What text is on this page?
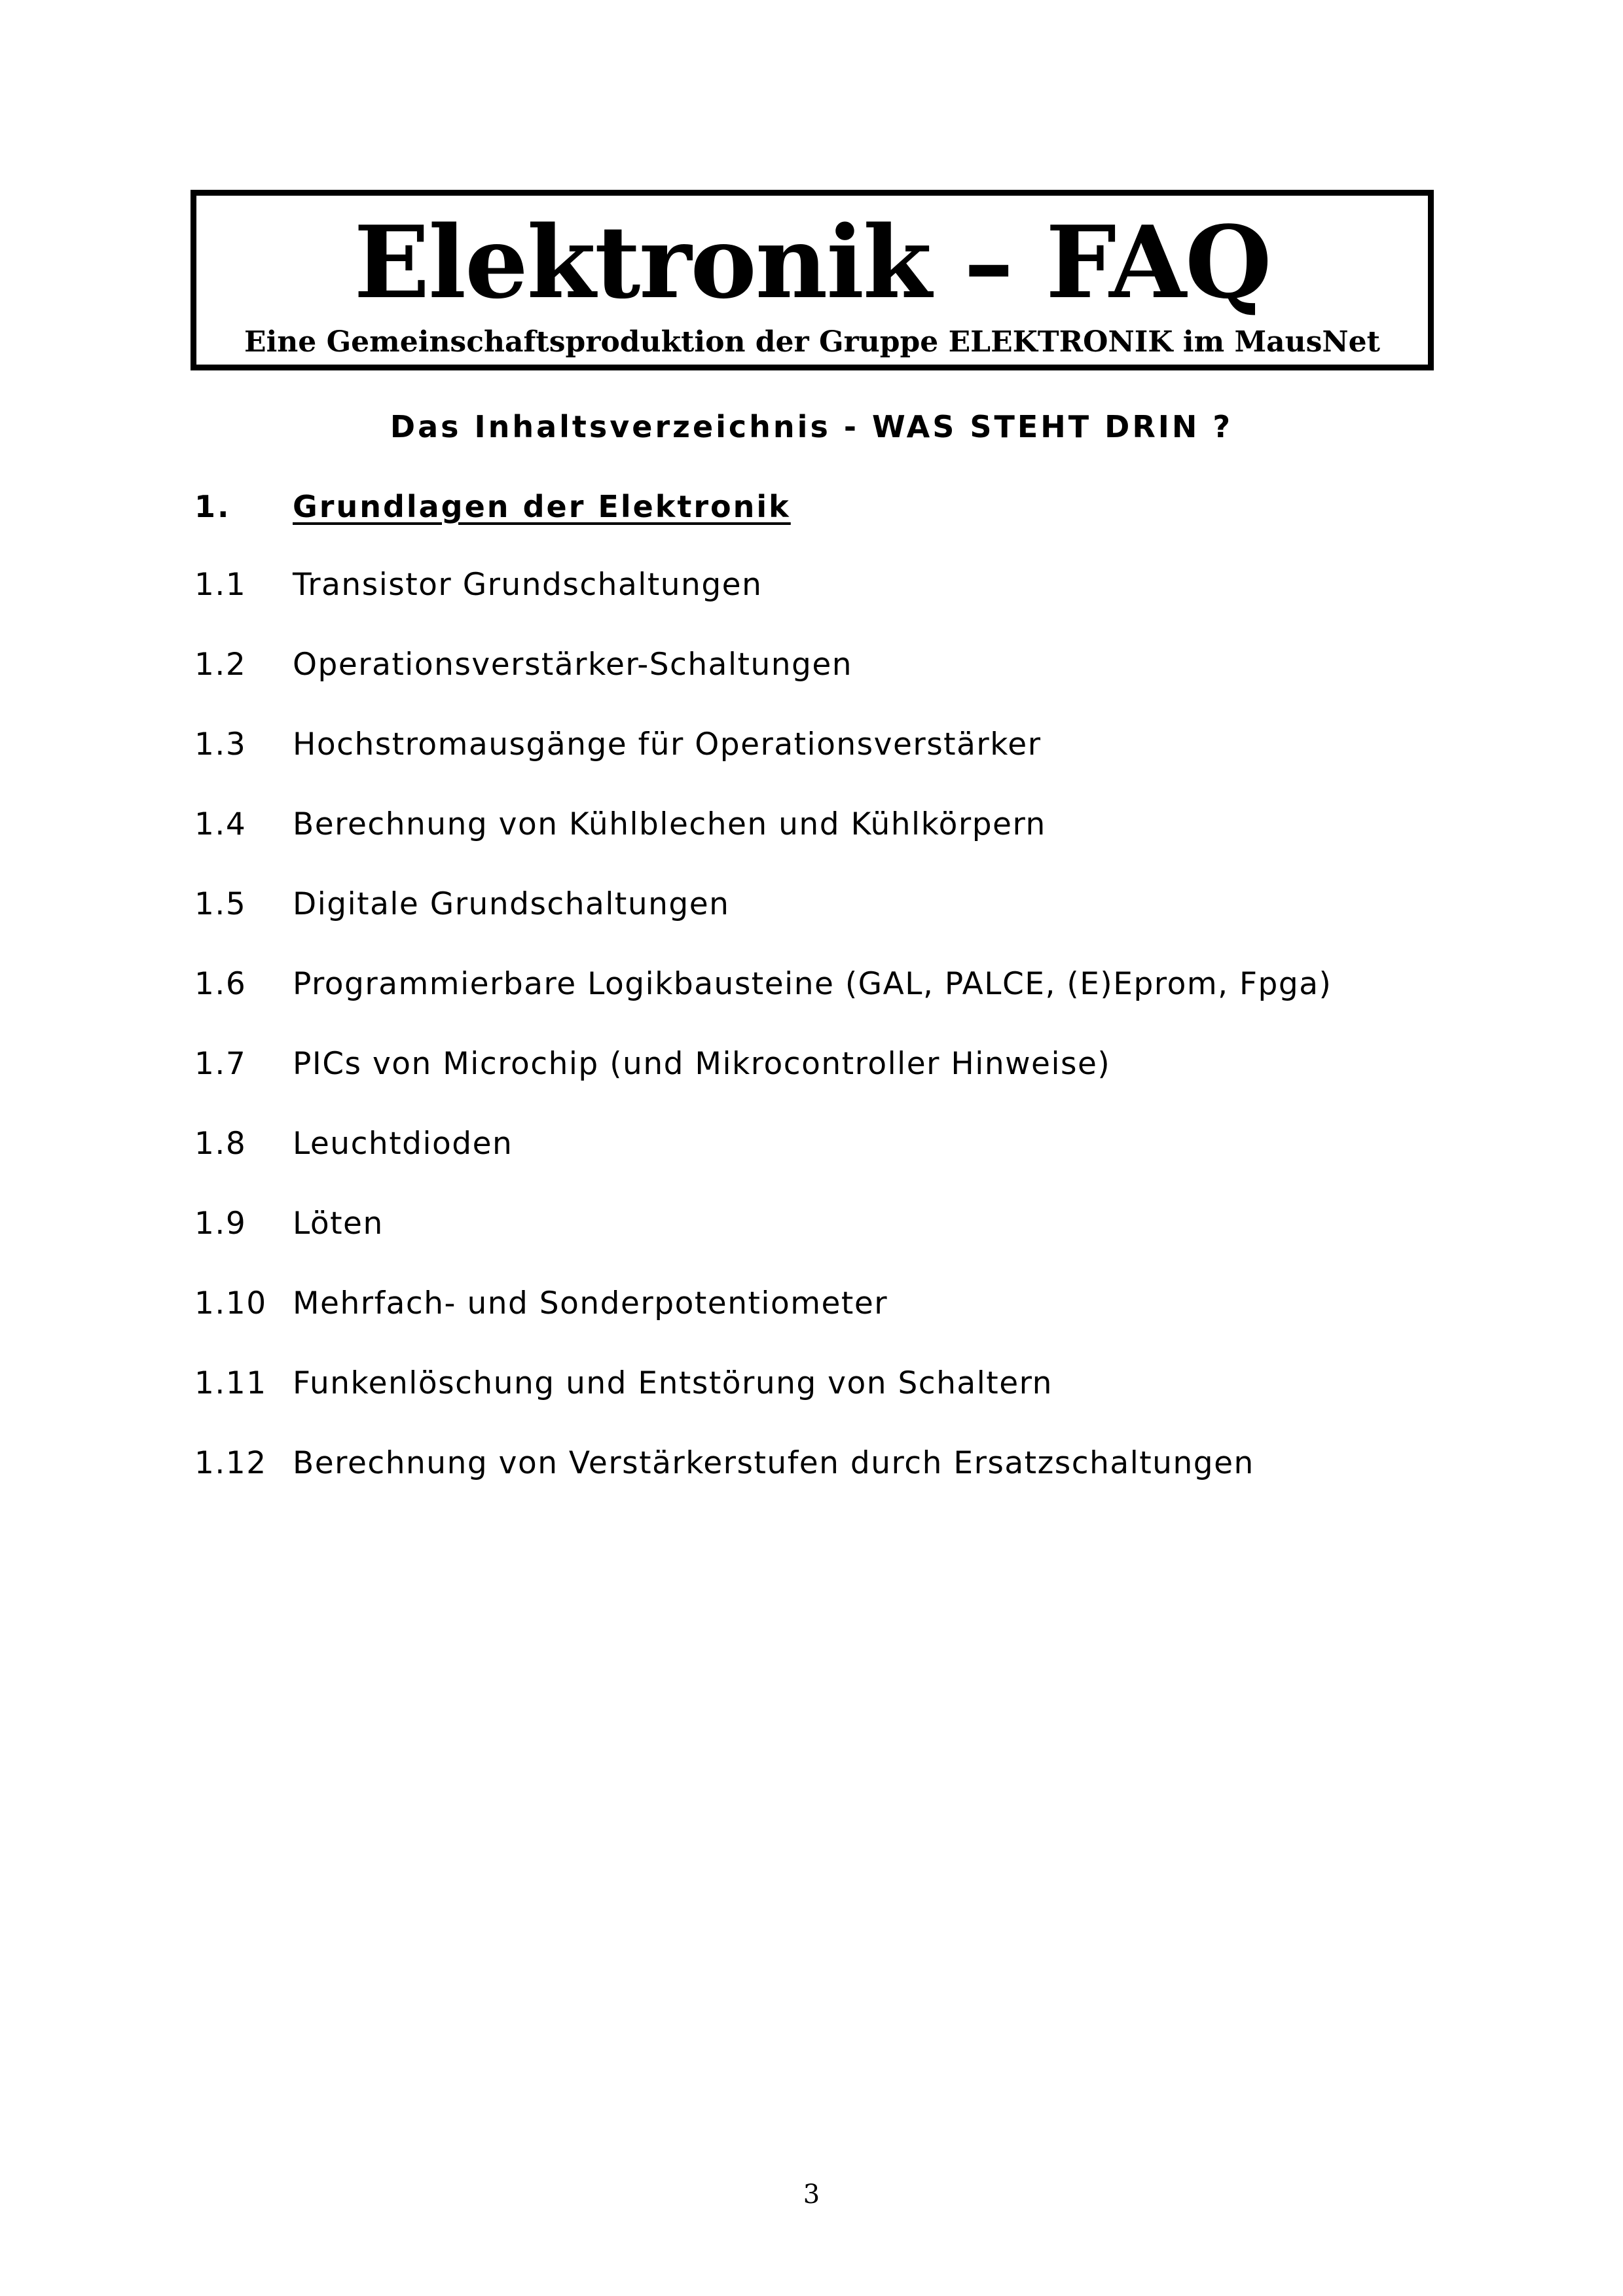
Elektronik – FAQ
Eine Gemeinschaftsproduktion der Gruppe ELEKTRONIK im MausNet
Das Inhaltsverzeichnis - WAS STEHT DRIN ?
1. Grundlagen der Elektronik
1.1 Transistor Grundschaltungen
1.2 Operationsverstärker-Schaltungen
1.3 Hochstromausgänge für Operationsverstärker
1.4 Berechnung von Kühlblechen und Kühlkörpern
1.5 Digitale Grundschaltungen
1.6 Programmierbare Logikbausteine (GAL, PALCE, (E)Eprom, Fpga)
1.7 PICs von Microchip (und Mikrocontroller Hinweise)
1.8 Leuchtdioden
1.9 Löten
1.10 Mehrfach- und Sonderpotentiometer
1.11 Funkenlöschung und Entstörung von Schaltern
1.12 Berechnung von Verstärkerstufen durch Ersatzschaltungen
3
